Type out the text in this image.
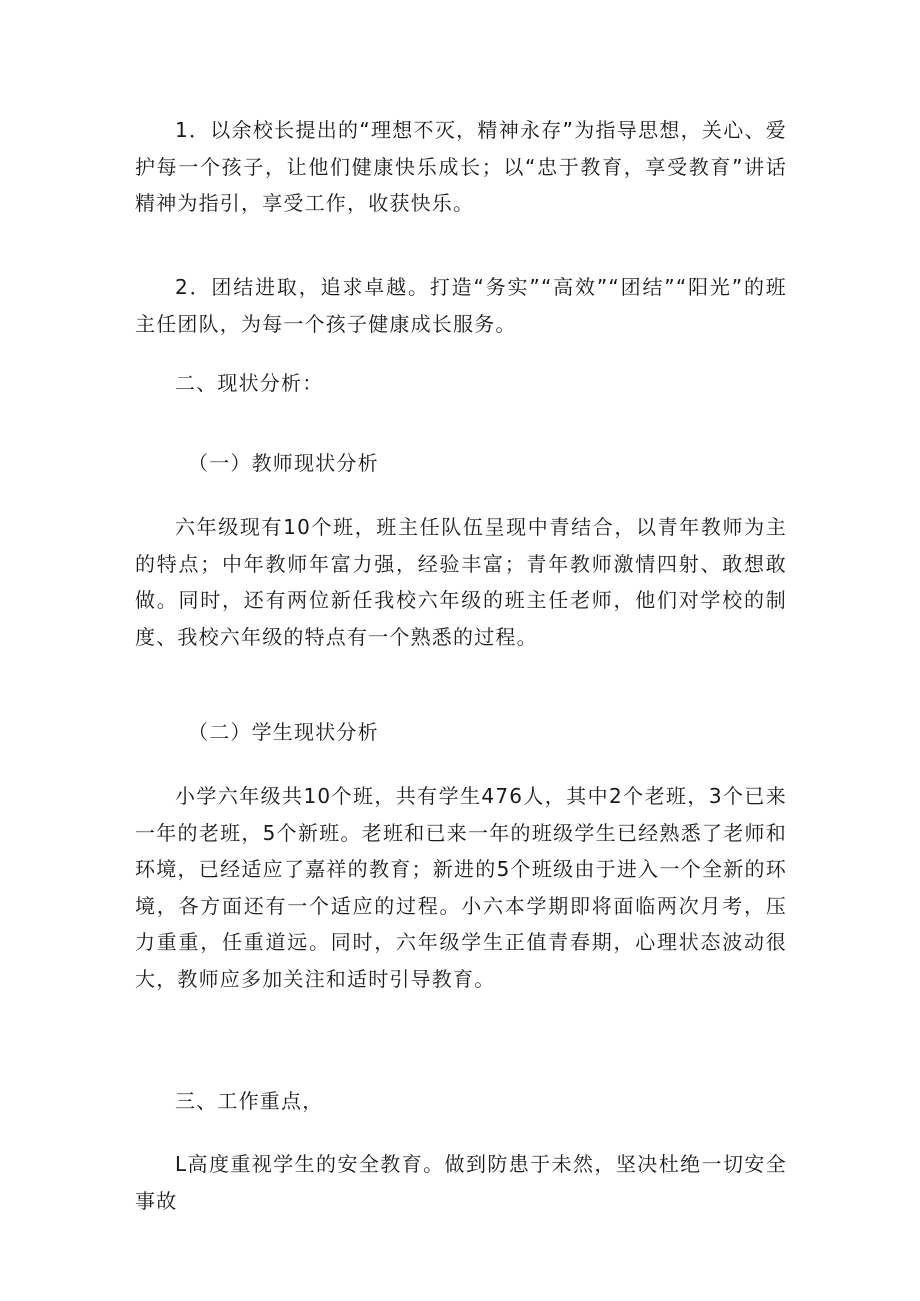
1．以余校长提出的“理想不灭，精神永存”为指导思想，关心、爱护每一个孩子，让他们健康快乐成长；以“忠于教育，享受教育”讲话精神为指引，享受工作，收获快乐。

2．团结进取，追求卓越。打造“务实”“高效”“团结”“阳光”的班主任团队，为每一个孩子健康成长服务。

二、现状分析：

（一）教师现状分析

六年级现有10个班，班主任队伍呈现中青结合，以青年教师为主的特点；中年教师年富力强，经验丰富；青年教师激情四射、敢想敢做。同时，还有两位新任我校六年级的班主任老师，他们对学校的制度、我校六年级的特点有一个熟悉的过程。

（二）学生现状分析

小学六年级共10个班，共有学生476人，其中2个老班，3个已来一年的老班，5个新班。老班和已来一年的班级学生已经熟悉了老师和环境，已经适应了嘉祥的教育；新进的5个班级由于进入一个全新的环境，各方面还有一个适应的过程。小六本学期即将面临两次月考，压力重重，任重道远。同时，六年级学生正值青春期，心理状态波动很大，教师应多加关注和适时引导教育。

三、工作重点，

L高度重视学生的安全教育。做到防患于未然，坚决杜绝一切安全事故
